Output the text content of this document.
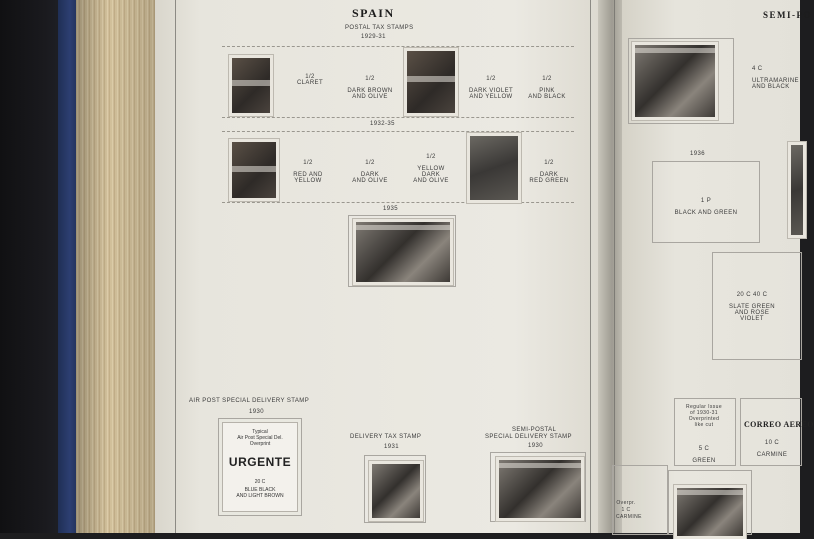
SPAIN
POSTAL TAX STAMPS
1929-31
1/2
CLARET

1/2

DARK BROWN
AND OLIVE

1/2

DARK VIOLET
AND YELLOW

1/2

PINK
AND BLACK

1932-35

1/2

RED AND
YELLOW

1/2

DARK
AND OLIVE

1/2

YELLOW
DARK
AND OLIVE

1/2

DARK
RED GREEN

1935
AIR POST SPECIAL DELIVERY STAMP
1930
Typical
Air Post Special Del.
Overprint
URGENTE
20 C
BLUE BLACK
AND LIGHT BROWN
DELIVERY TAX STAMP
1931
SEMI-POSTAL
SPECIAL DELIVERY STAMP
1930
SEMI-PO

4 C

ULTRAMARINE
AND BLACK

1936

1 P

BLACK AND GREEN

20 C 40 C

SLATE GREEN
AND ROSE
VIOLET

Regular Issue
of 1930-31
Overprinted
like cut

5 C

GREEN

CORREO AEREO

10 C

CARMINE

Overpr.
1 C
CARMINE
